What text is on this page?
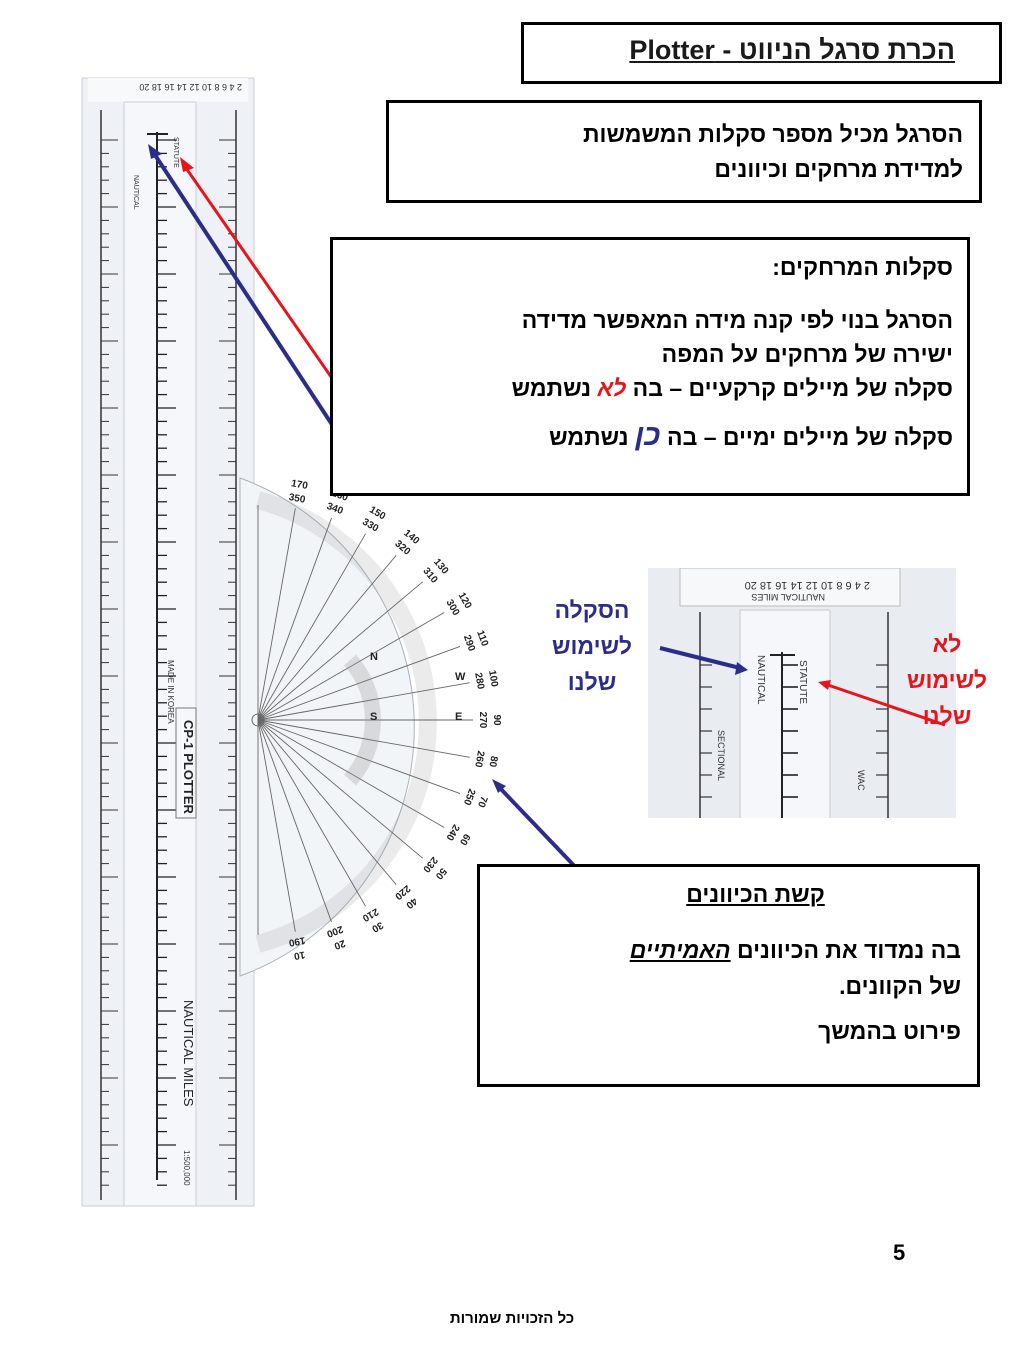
NAUTICAL
STATUTE
2 4 6 8 10 12 14 16 18 20
CP-1 PLOTTER
MADE IN KOREA
NAUTICAL MILES
1:500,000
170
350
340 150
330
140
320
130
310
120
300
110
290
100
280
90
270
80
260
70
250
60
240
50
230
40
220
30
210
20
200
10
190
N
E
S
W
2 4 6 8 10 12 14 16 18 20
NAUTICAL MILES
NAUTICAL	STATUTE
SECTIONAL	WAC
הכרת סרגל הניווט - Plotter
הסרגל מכיל מספר סקלות המשמשות
למדידת מרחקים וכיוונים

סקלות המרחקים:

הסרגל בנוי לפי קנה מידה המאפשר מדידה

ישירה של מרחקים על המפה

סקלה של מיילים קרקעיים – בה לא נשתמש

סקלה של מיילים ימיים – בה כן נשתמש

הסקלה
לשימוש
שלנו
לא
לשימוש
שלנו

קשת הכיוונים

בה נמדוד את הכיוונים האמיתיים

של הקוונים.

פירוט בהמשך

5
כל הזכויות שמורות
